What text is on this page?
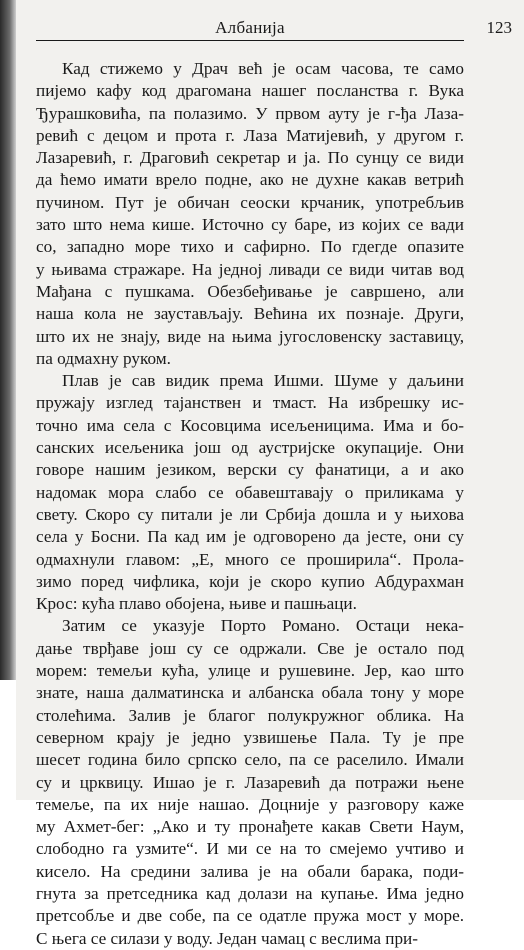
Албанија	123
Кад стижемо у Драч већ је осам часова, те само
пијемо кафу код драгомана нашег посланства г. Вука
Ђурашковића, па полазимо. У првом ауту је г-ђа Лаза-
ревић с децом и прота г. Лаза Матијевић, у другом г.
Лазаревић, г. Драговић секретар и ја. По сунцу се види
да ћемо имати врело подне, ако не духне какав ветрић
пучином. Пут је обичан сеоски крчаник, употребљив
зато што нема кише. Источно су баре, из којих се вади
со, западно море тихо и сафирно. По гдегде опазите
у њивама стражаре. На једној ливади се види читав вод
Мађана с пушкама. Обезбеђивање је савршено, али
наша кола не заустављају. Већина их познаје. Други,
што их не знају, виде на њима југословенску заставицу,
па одмахну руком.
Плав је сав видик према Ишми. Шуме у даљини
пружају изглед тајанствен и тмаст. На избрешку ис-
точно има села с Косовцима исељеницима. Има и бо-
санских исељеника још од аустријске окупације. Они
говоре нашим језиком, верски су фанатици, а и ако
надомак мора слабо се обавештавају о приликама у
свету. Скоро су питали је ли Србија дошла и у њихова
села у Босни. Па кад им је одговорено да јесте, они су
одмахнули главом: „Е, много се проширила“. Прола-
зимо поред чифлика, који је скоро купио Абдурахман
Крос: кућа плаво обојена, њиве и пашњаци.
Затим се указује Порто Романо. Остаци нека-
дање тврђаве још су се одржали. Све је остало под
морем: темељи кућа, улице и рушевине. Јер, као што
знате, наша далматинска и албанска обала тону у море
столећима. Залив је благог полукружног облика. На
северном крају је једно узвишење Пала. Ту је пре
шесет година било српско село, па се раселило. Имали
су и црквицу. Ишао је г. Лазаревић да потражи њене
темеље, па их није нашао. Доцније у разговору каже
му Ахмет-бег: „Ако и ту пронађете какав Свети Наум,
слободно га узмите“. И ми се на то смејемо учтиво и
кисело. На средини залива је на обали барака, поди-
гнута за претседника кад долази на купање. Има једно
претсобље и две собе, па се одатле пружа мост у море.
С њега се силази у воду. Један чамац с веслима при-
